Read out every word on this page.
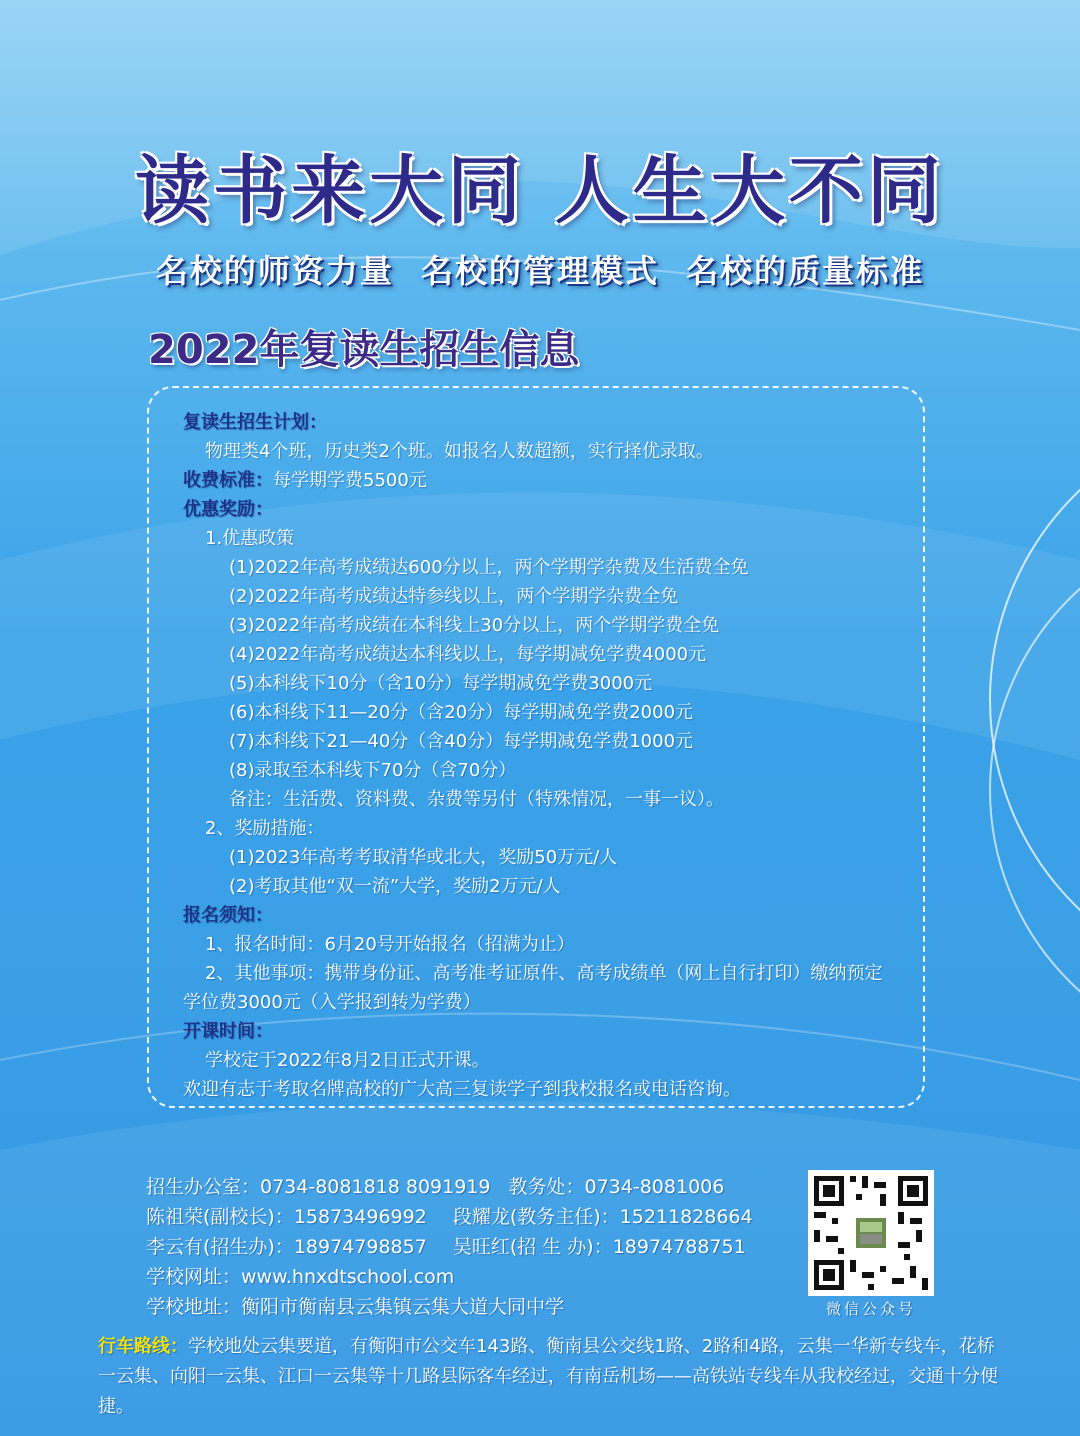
读书来大同 人生大不同
名校的师资力量 名校的管理模式 名校的质量标准
2022年复读生招生信息
复读生招生计划：
物理类4个班，历史类2个班。如报名人数超额，实行择优录取。
收费标准：每学期学费5500元
优惠奖励：
1.优惠政策
(1)2022年高考成绩达600分以上，两个学期学杂费及生活费全免
(2)2022年高考成绩达特参线以上，两个学期学杂费全免
(3)2022年高考成绩在本科线上30分以上，两个学期学费全免
(4)2022年高考成绩达本科线以上，每学期减免学费4000元
(5)本科线下10分（含10分）每学期减免学费3000元
(6)本科线下11—20分（含20分）每学期减免学费2000元
(7)本科线下21—40分（含40分）每学期减免学费1000元
(8)录取至本科线下70分（含70分）
备注：生活费、资料费、杂费等另付（特殊情况，一事一议）。
2、奖励措施：
(1)2023年高考考取清华或北大，奖励50万元/人
(2)考取其他“双一流”大学，奖励2万元/人
报名须知：
1、报名时间：6月20号开始报名（招满为止）
2、其他事项：携带身份证、高考准考证原件、高考成绩单（网上自行打印）缴纳预定
学位费3000元（入学报到转为学费）
开课时间：
学校定于2022年8月2日正式开课。
欢迎有志于考取名牌高校的广大高三复读学子到我校报名或电话咨询。
招生办公室：0734-8081818 8091919 教务处：0734-8081006
陈祖荣(副校长)：15873496992 段耀龙(教务主任)：15211828664
李云有(招生办)：18974798857 吴旺红(招 生 办)：18974788751
学校网址：www.hnxdtschool.com
学校地址：衡阳市衡南县云集镇云集大道大同中学	微信公众号
行车路线：学校地处云集要道，有衡阳市公交车143路、衡南县公交线1路、2路和4路，云集一华新专线车，花桥一云集、向阳一云集、江口一云集等十几路县际客车经过，有南岳机场——高铁站专线车从我校经过，交通十分便捷。
